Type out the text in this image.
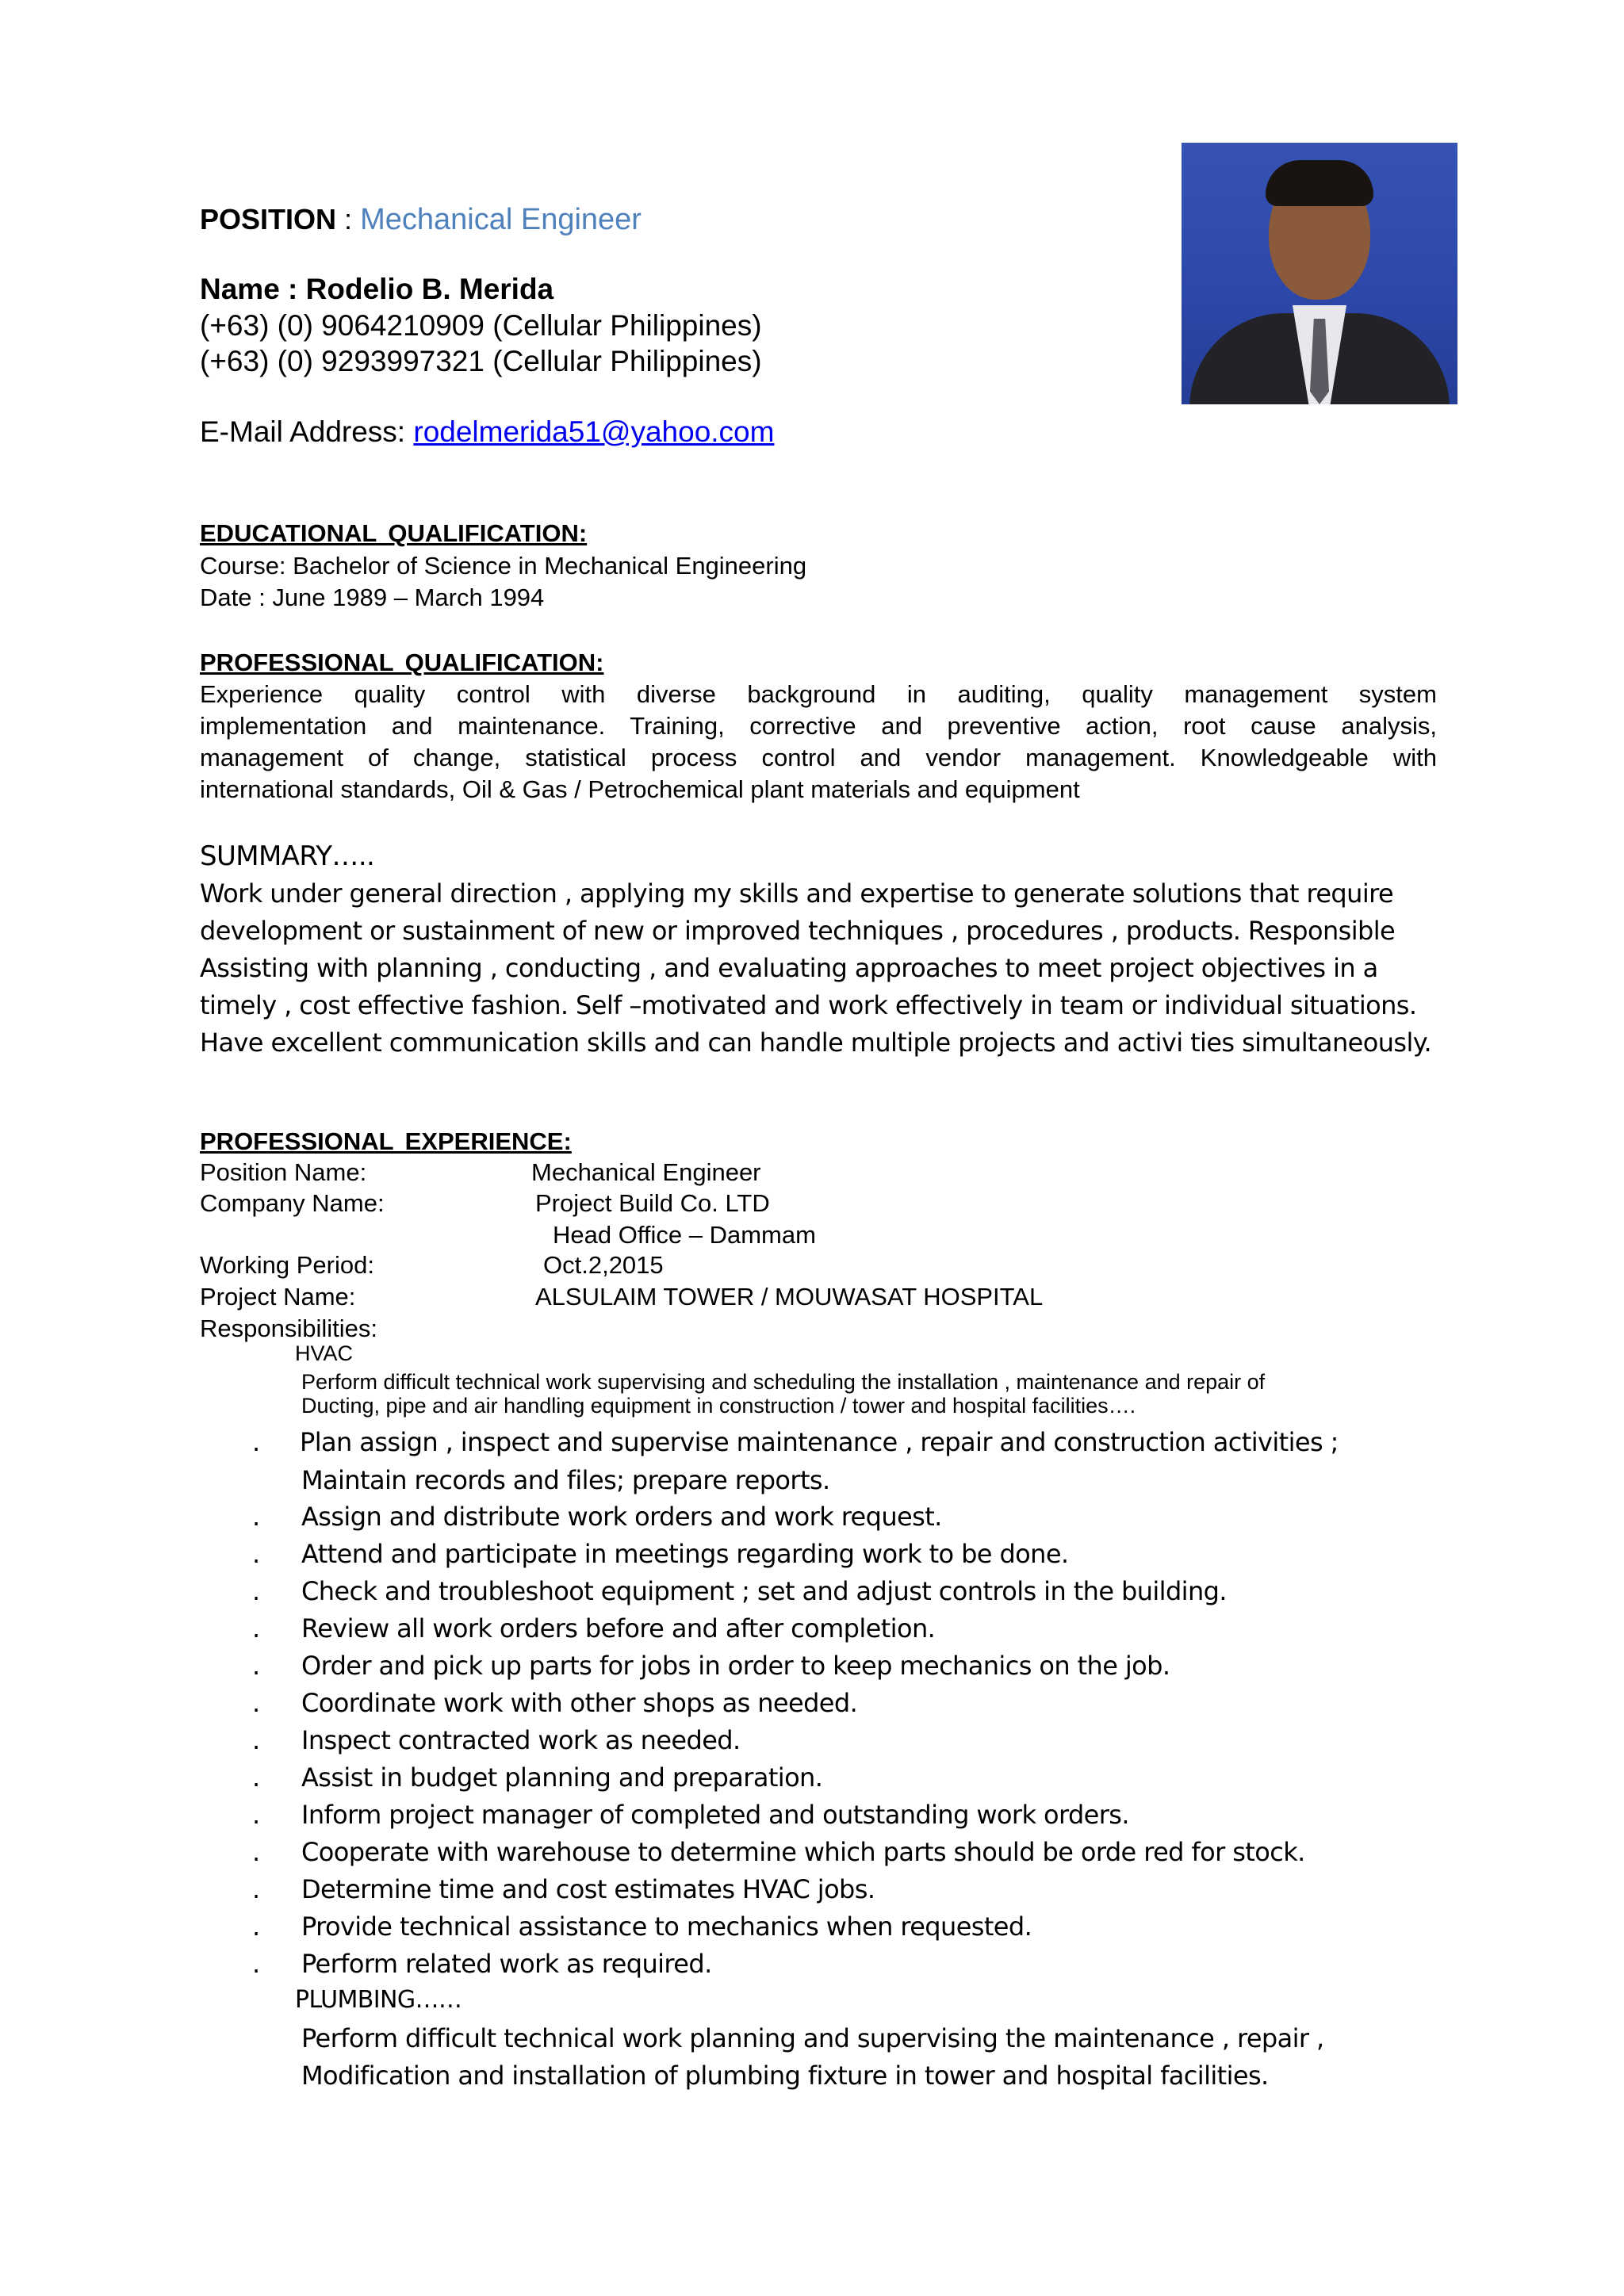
POSITION : Mechanical Engineer
Name : Rodelio B. Merida
(+63) (0) 9064210909 (Cellular Philippines)
(+63) (0) 9293997321 (Cellular Philippines)
E-Mail Address: rodelmerida51@yahoo.com
EDUCATIONAL QUALIFICATION:
Course: Bachelor of Science in Mechanical Engineering
Date : June 1989 – March 1994
PROFESSIONAL QUALIFICATION:
Experience quality control with diverse background in auditing, quality management system
implementation and maintenance. Training, corrective and preventive action, root cause analysis,
management of change, statistical process control and vendor management. Knowledgeable with
international standards, Oil & Gas / Petrochemical plant materials and equipment
SUMMARY…..
Work under general direction , applying my skills and expertise to generate solutions that require
development or sustainment of new or improved techniques , procedures , products. Responsible
Assisting with planning , conducting , and evaluating approaches to meet project objectives in a
timely , cost effective fashion. Self –motivated and work effectively in team or individual situations.
Have excellent communication skills and can handle multiple projects and activi ties simultaneously.
PROFESSIONAL EXPERIENCE:
Position Name:	Mechanical Engineer
Company Name:	Project Build Co. LTD
Head Office – Dammam
Working Period:	Oct.2,2015
Project Name:	ALSULAIM TOWER / MOUWASAT HOSPITAL
Responsibilities:
HVAC
Perform difficult technical work supervising and scheduling the installation , maintenance and repair of
Ducting, pipe and air handling equipment in construction / tower and hospital facilities….
. Plan assign , inspect and supervise maintenance , repair and construction activities ;
Maintain records and files; prepare reports.
. Assign and distribute work orders and work request.
. Attend and participate in meetings regarding work to be done.
. Check and troubleshoot equipment ; set and adjust controls in the building.
. Review all work orders before and after completion.
. Order and pick up parts for jobs in order to keep mechanics on the job.
. Coordinate work with other shops as needed.
. Inspect contracted work as needed.
. Assist in budget planning and preparation.
. Inform project manager of completed and outstanding work orders.
. Cooperate with warehouse to determine which parts should be orde red for stock.
. Determine time and cost estimates HVAC jobs.
. Provide technical assistance to mechanics when requested.
. Perform related work as required.
PLUMBING……
Perform difficult technical work planning and supervising the maintenance , repair ,
Modification and installation of plumbing fixture in tower and hospital facilities.
